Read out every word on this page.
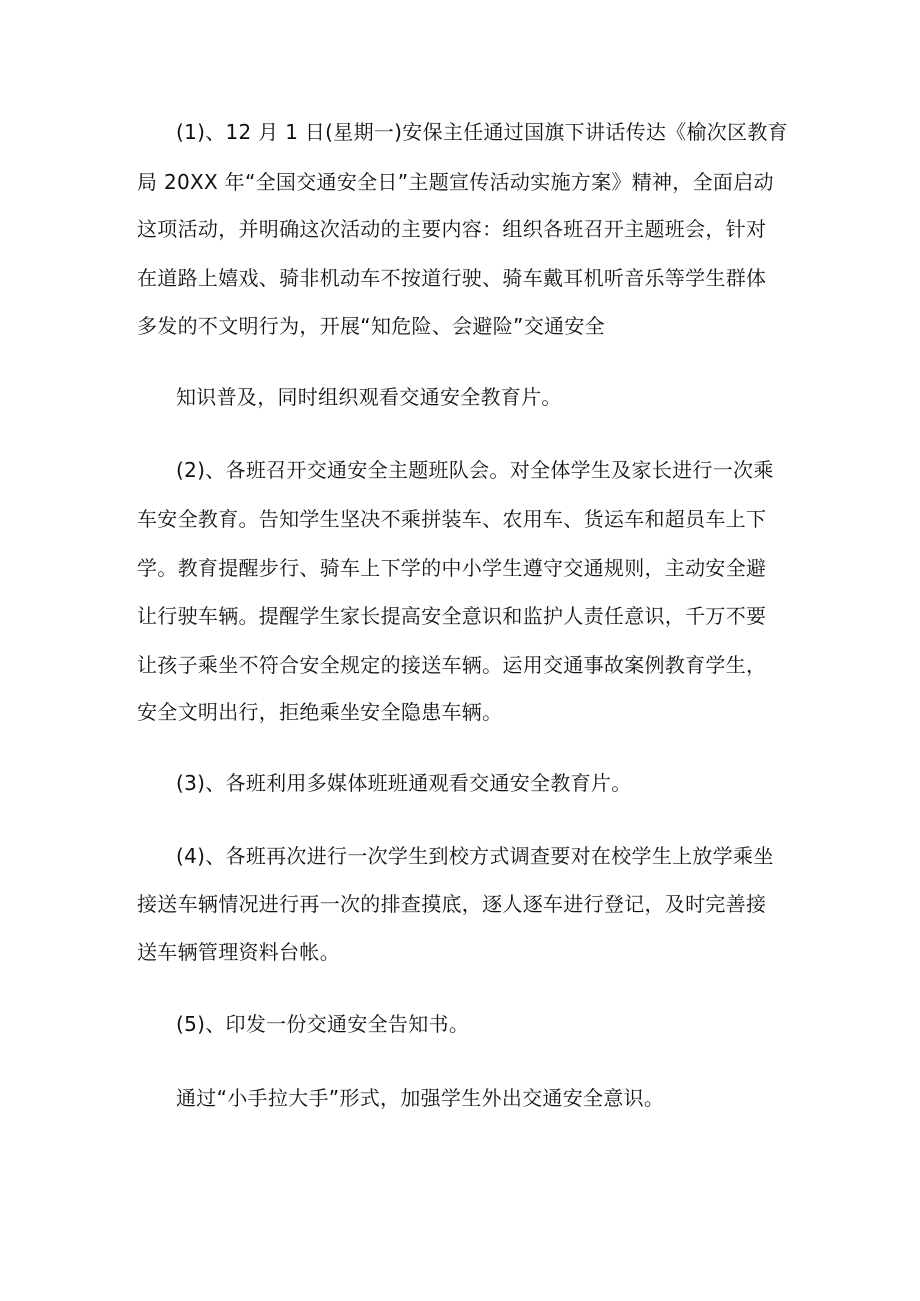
(1)、12 月 1 日(星期一)安保主任通过国旗下讲话传达《榆次区教育
局 20XX 年“全国交通安全日”主题宣传活动实施方案》精神，全面启动
这项活动，并明确这次活动的主要内容：组织各班召开主题班会，针对
在道路上嬉戏、骑非机动车不按道行驶、骑车戴耳机听音乐等学生群体
多发的不文明行为，开展“知危险、会避险”交通安全
知识普及，同时组织观看交通安全教育片。
(2)、各班召开交通安全主题班队会。对全体学生及家长进行一次乘
车安全教育。告知学生坚决不乘拼装车、农用车、货运车和超员车上下
学。教育提醒步行、骑车上下学的中小学生遵守交通规则，主动安全避
让行驶车辆。提醒学生家长提高安全意识和监护人责任意识，千万不要
让孩子乘坐不符合安全规定的接送车辆。运用交通事故案例教育学生，
安全文明出行，拒绝乘坐安全隐患车辆。
(3)、各班利用多媒体班班通观看交通安全教育片。
(4)、各班再次进行一次学生到校方式调查要对在校学生上放学乘坐
接送车辆情况进行再一次的排查摸底，逐人逐车进行登记，及时完善接
送车辆管理资料台帐。
(5)、印发一份交通安全告知书。
通过“小手拉大手”形式，加强学生外出交通安全意识。
